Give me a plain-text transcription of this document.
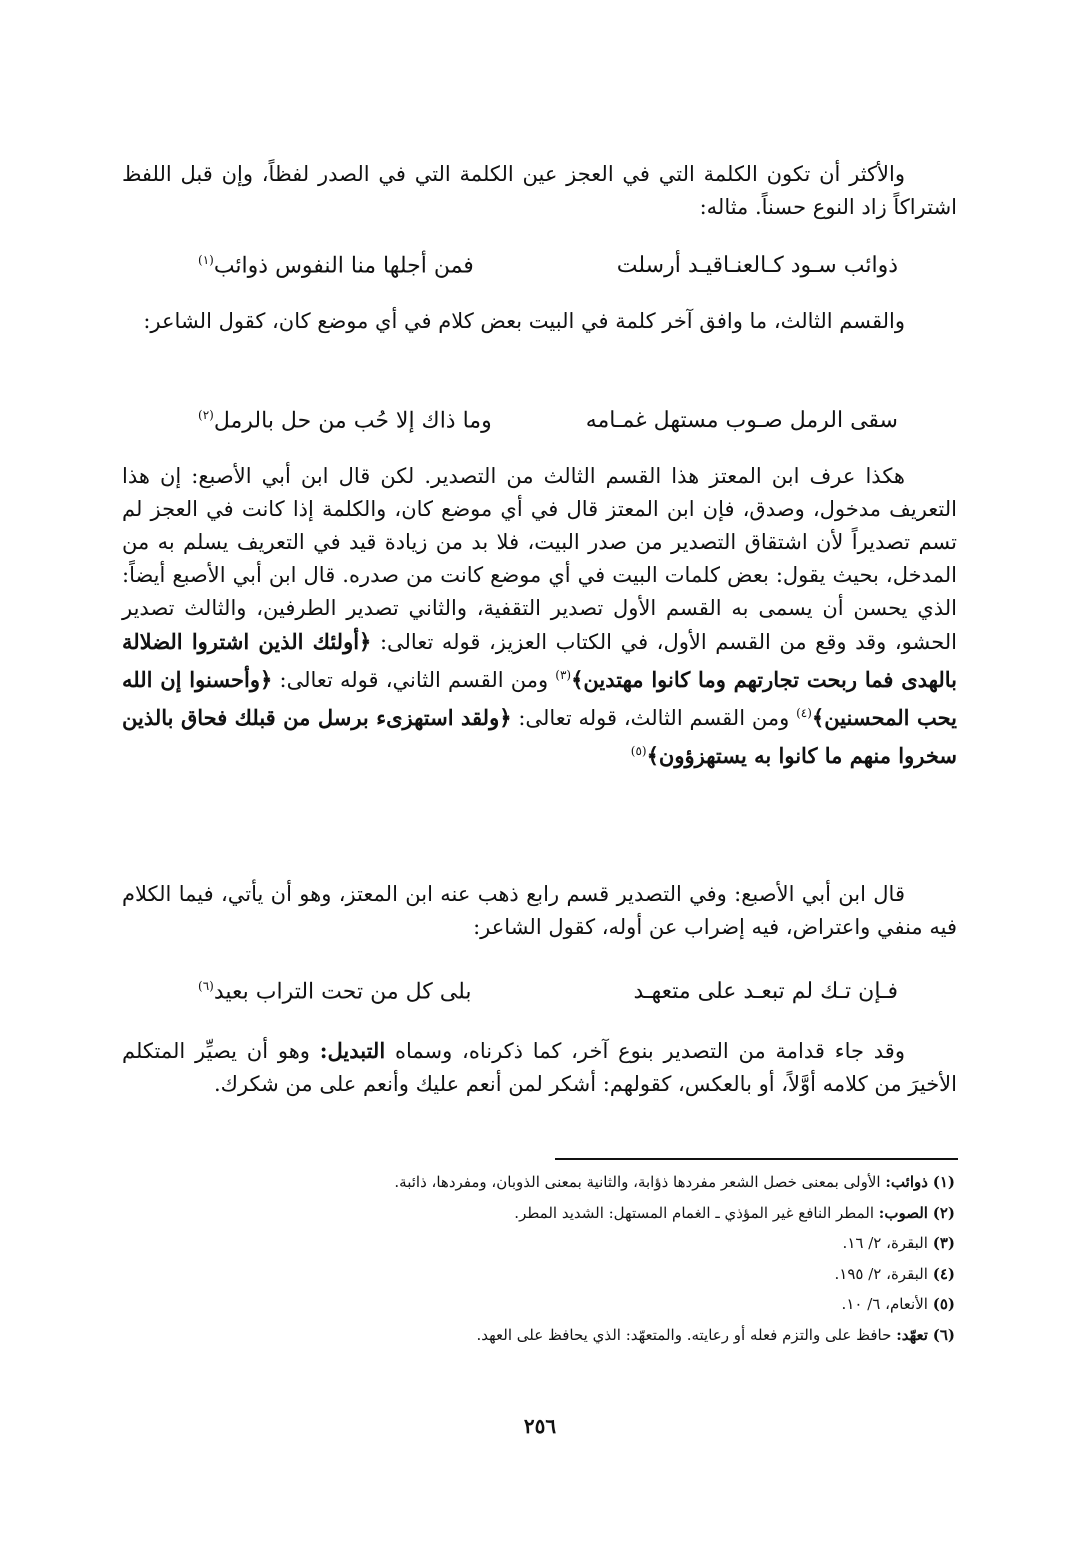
والأكثر أن تكون الكلمة التي في العجز عين الكلمة التي في الصدر لفظاً، وإن قبل اللفظ اشتراكاً زاد النوع حسناً. مثاله:

ذوائب سـود كـالعنـاقيـد أرسلت
فمن أجلها منا النفوس ذوائب$^{(١)}$

والقسم الثالث، ما وافق آخر كلمة في البيت بعض كلام في أي موضع كان، كقول الشاعر:

سقى الرمل صـوب مستهل غمـامه
وما ذاك إلا حُب من حل بالرمل$^{(٢)}$

هكذا عرف ابن المعتز هذا القسم الثالث من التصدير. لكن قال ابن أبي الأصبع: إن هذا التعريف مدخول، وصدق، فإن ابن المعتز قال في أي موضع كان، والكلمة إذا كانت في العجز لم تسم تصديراً لأن اشتقاق التصدير من صدر البيت، فلا بد من زيادة قيد في التعريف يسلم به من المدخل، بحيث يقول: بعض كلمات البيت في أي موضع كانت من صدره. قال ابن أبي الأصبع أيضاً: الذي يحسن أن يسمى به القسم الأول تصدير التقفية، والثاني تصدير الطرفين، والثالث تصدير الحشو، وقد وقع من القسم الأول، في الكتاب العزيز، قوله تعالى: ﴿أولئك الذين اشتروا الضلالة بالهدى فما ربحت تجارتهم وما كانوا مهتدين﴾$^{(٣)}$ ومن القسم الثاني، قوله تعالى: ﴿وأحسنوا إن الله يحب المحسنين﴾$^{(٤)}$ ومن القسم الثالث، قوله تعالى: ﴿ولقد استهزىء برسل من قبلك فحاق بالذين سخروا منهم ما كانوا به يستهزؤون﴾$^{(٥)}$

قال ابن أبي الأصبع: وفي التصدير قسم رابع ذهب عنه ابن المعتز، وهو أن يأتي، فيما الكلام فيه منفي واعتراض، فيه إضراب عن أوله، كقول الشاعر:

فـإن تـك لم تبعـد على متعهـد
بلى كل من تحت التراب بعيد$^{(٦)}$

وقد جاء قدامة من التصدير بنوع آخر، كما ذكرناه، وسماه التبديل: وهو أن يصيِّر المتكلم الأخيرَ من كلامه أوَّلاً، أو بالعكس، كقولهم: أشكر لمن أنعم عليك وأنعم على من شكرك.

(١) ذوائب: الأولى بمعنى خصل الشعر مفردها ذؤابة، والثانية بمعنى الذوبان، ومفردها، ذائبة.
(٢) الصوب: المطر النافع غير المؤذي ـ الغمام المستهل: الشديد المطر.
(٣) البقرة، ٢/ ١٦.
(٤) البقرة، ٢/ ١٩٥.
(٥) الأنعام، ٦/ ١٠.
(٦) تعهّد: حافظ على والتزم فعله أو رعايته. والمتعهّد: الذي يحافظ على العهد.
٢٥٦
